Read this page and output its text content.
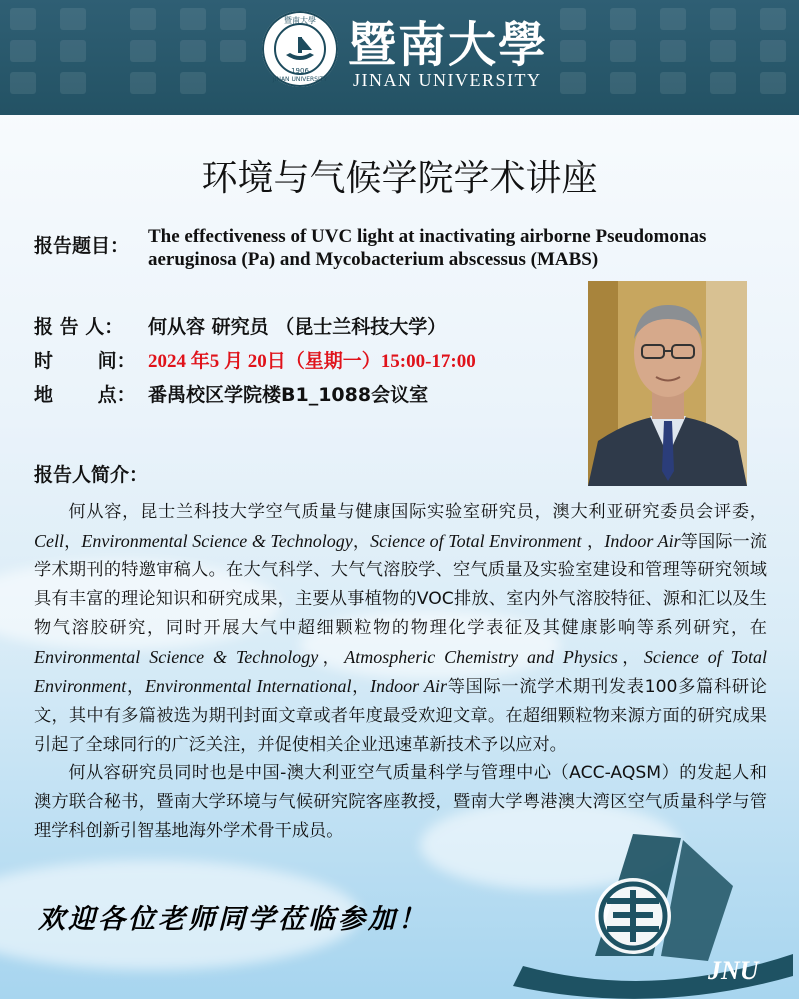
暨南大學
1906
JINAN UNIVERSITY
暨南大學
JINAN UNIVERSITY
环境与气候学院学术讲座
报告题目： The effectiveness of UVC light at inactivating airborne Pseudomonas aeruginosa (Pa) and Mycobacterium abscessus (MABS)
报 告 人： 何从容 研究员 （昆士兰科技大学）
时 间： 2024 年5 月 20日（星期一）15:00-17:00
地 点： 番禺校区学院楼B1_1088会议室
报告人简介：

何从容，昆士兰科技大学空气质量与健康国际实验室研究员，澳大利亚研究委员会评委，Cell，Environmental Science & Technology，Science of Total Environment ，Indoor Air等国际一流学术期刊的特邀审稿人。在大气科学、大气气溶胶学、空气质量及实验室建设和管理等研究领域具有丰富的理论知识和研究成果，主要从事植物的VOC排放、室内外气溶胶特征、源和汇以及生物气溶胶研究，同时开展大气中超细颗粒物的物理化学表征及其健康影响等系列研究，在Environmental Science & Technology，Atmospheric Chemistry and Physics，Science of Total Environment，Environmental International，Indoor Air等国际一流学术期刊发表100多篇科研论文，其中有多篇被选为期刊封面文章或者年度最受欢迎文章。在超细颗粒物来源方面的研究成果引起了全球同行的广泛关注，并促使相关企业迅速革新技术予以应对。

何从容研究员同时也是中国-澳大利亚空气质量科学与管理中心（ACC-AQSM）的发起人和澳方联合秘书，暨南大学环境与气候研究院客座教授，暨南大学粤港澳大湾区空气质量科学与管理学科创新引智基地海外学术骨干成员。

JNU
欢迎各位老师同学莅临参加！
